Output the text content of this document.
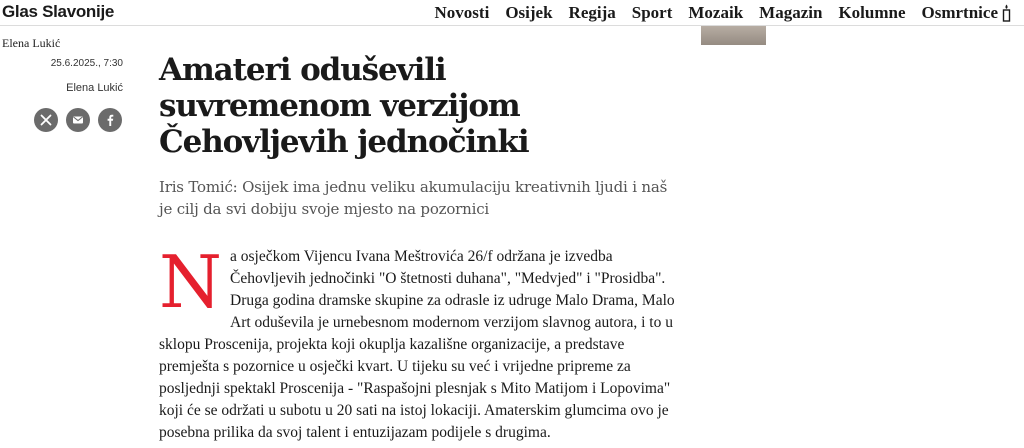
Glas Slavonije	Novosti Osijek Regija Sport Mozaik Magazin Kolumne Osmrtnice
Elena Lukić
25.6.2025., 7:30
Elena Lukić Amateri oduševili suvremenom verzijom Čehovljevih jednočinki

Iris Tomić: Osijek ima jednu veliku akumulaciju kreativnih ljudi i naš je cilj da svi dobiju svoje mjesto na pozornici

N a osječkom Vijencu Ivana Meštrovića 26/f održana je izvedba Čehovljevih jednočinki "O štetnosti duhana", "Medvjed" i "Prosidba". Druga godina dramske skupine za odrasle iz udruge Malo Drama, Malo Art oduševila je urnebesnom modernom verzijom slavnog autora, i to u sklopu Proscenija, projekta koji okuplja kazališne organizacije, a predstave premješta s pozornice u osječki kvart. U tijeku su već i vrijedne pripreme za posljednji spektakl Proscenija - "Raspašojni plesnjak s Mito Matijom i Lopovima" koji će se održati u subotu u 20 sati na istoj lokaciji. Amaterskim glumcima ovo je posebna prilika da svoj talent i entuzijazam podijele s drugima.
